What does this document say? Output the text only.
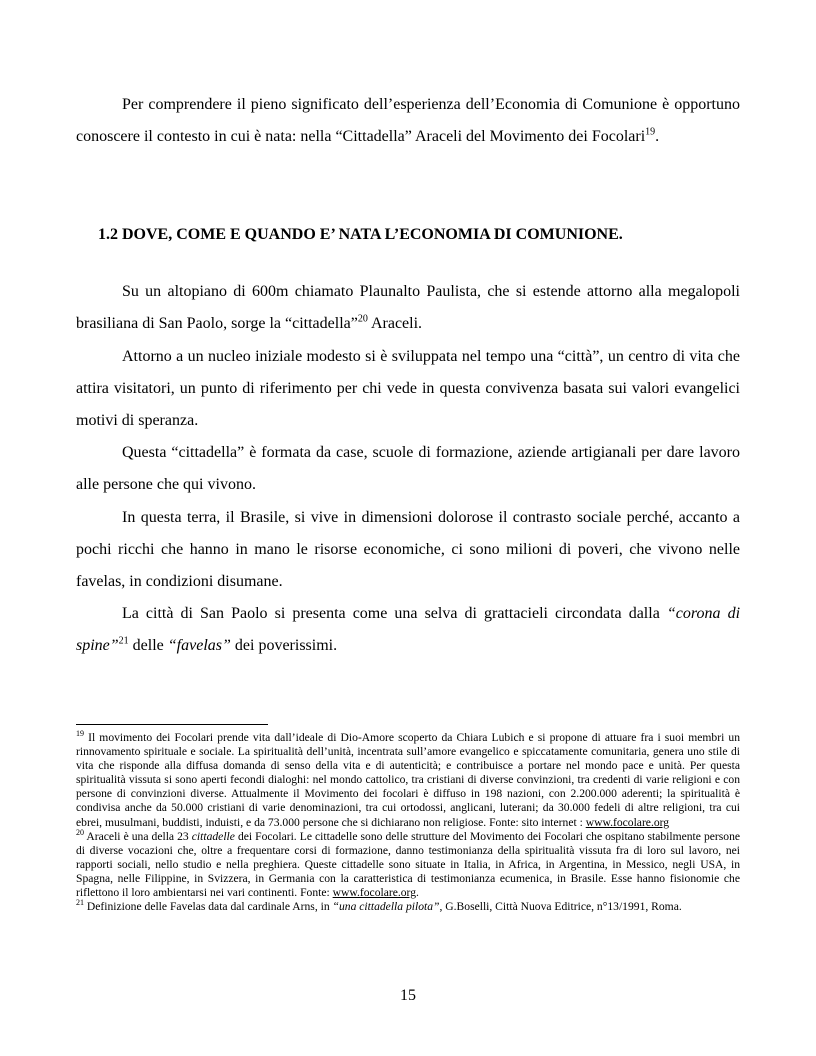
Per comprendere il pieno significato dell’esperienza dell’Economia di Comunione è opportuno conoscere il contesto in cui è nata: nella “Cittadella” Araceli del Movimento dei Focolari$^{19}$.

1.2 DOVE, COME E QUANDO E’ NATA L’ECONOMIA DI COMUNIONE.

Su un altopiano di 600m chiamato Plaunalto Paulista, che si estende attorno alla megalopoli brasiliana di San Paolo, sorge la “cittadella”$^{20}$ Araceli.

Attorno a un nucleo iniziale modesto si è sviluppata nel tempo una “città”, un centro di vita che attira visitatori, un punto di riferimento per chi vede in questa convivenza basata sui valori evangelici motivi di speranza.

Questa “cittadella” è formata da case, scuole di formazione, aziende artigianali per dare lavoro alle persone che qui vivono.

In questa terra, il Brasile, si vive in dimensioni dolorose il contrasto sociale perché, accanto a pochi ricchi che hanno in mano le risorse economiche, ci sono milioni di poveri, che vivono nelle favelas, in condizioni disumane.

La città di San Paolo si presenta come una selva di grattacieli circondata dalla “corona di spine”$^{21}$ delle “favelas” dei poverissimi.

$^{19}$ Il movimento dei Focolari prende vita dall’ideale di Dio-Amore scoperto da Chiara Lubich e si propone di attuare fra i suoi membri un rinnovamento spirituale e sociale. La spiritualità dell’unità, incentrata sull’amore evangelico e spiccatamente comunitaria, genera uno stile di vita che risponde alla diffusa domanda di senso della vita e di autenticità; e contribuisce a portare nel mondo pace e unità. Per questa spiritualità vissuta si sono aperti fecondi dialoghi: nel mondo cattolico, tra cristiani di diverse convinzioni, tra credenti di varie religioni e con persone di convinzioni diverse. Attualmente il Movimento dei focolari è diffuso in 198 nazioni, con 2.200.000 aderenti; la spiritualità è condivisa anche da 50.000 cristiani di varie denominazioni, tra cui ortodossi, anglicani, luterani; da 30.000 fedeli di altre religioni, tra cui ebrei, musulmani, buddisti, induisti, e da 73.000 persone che si dichiarano non religiose. Fonte: sito internet : www.focolare.org

$^{20}$ Araceli è una della 23 cittadelle dei Focolari. Le cittadelle sono delle strutture del Movimento dei Focolari che ospitano stabilmente persone di diverse vocazioni che, oltre a frequentare corsi di formazione, danno testimonianza della spiritualità vissuta fra di loro sul lavoro, nei rapporti sociali, nello studio e nella preghiera. Queste cittadelle sono situate in Italia, in Africa, in Argentina, in Messico, negli USA, in Spagna, nelle Filippine, in Svizzera, in Germania con la caratteristica di testimonianza ecumenica, in Brasile. Esse hanno fisionomie che riflettono il loro ambientarsi nei vari continenti. Fonte: www.focolare.org.

$^{21}$ Definizione delle Favelas data dal cardinale Arns, in “una cittadella pilota”, G.Boselli, Città Nuova Editrice, n°13/1991, Roma.

15
